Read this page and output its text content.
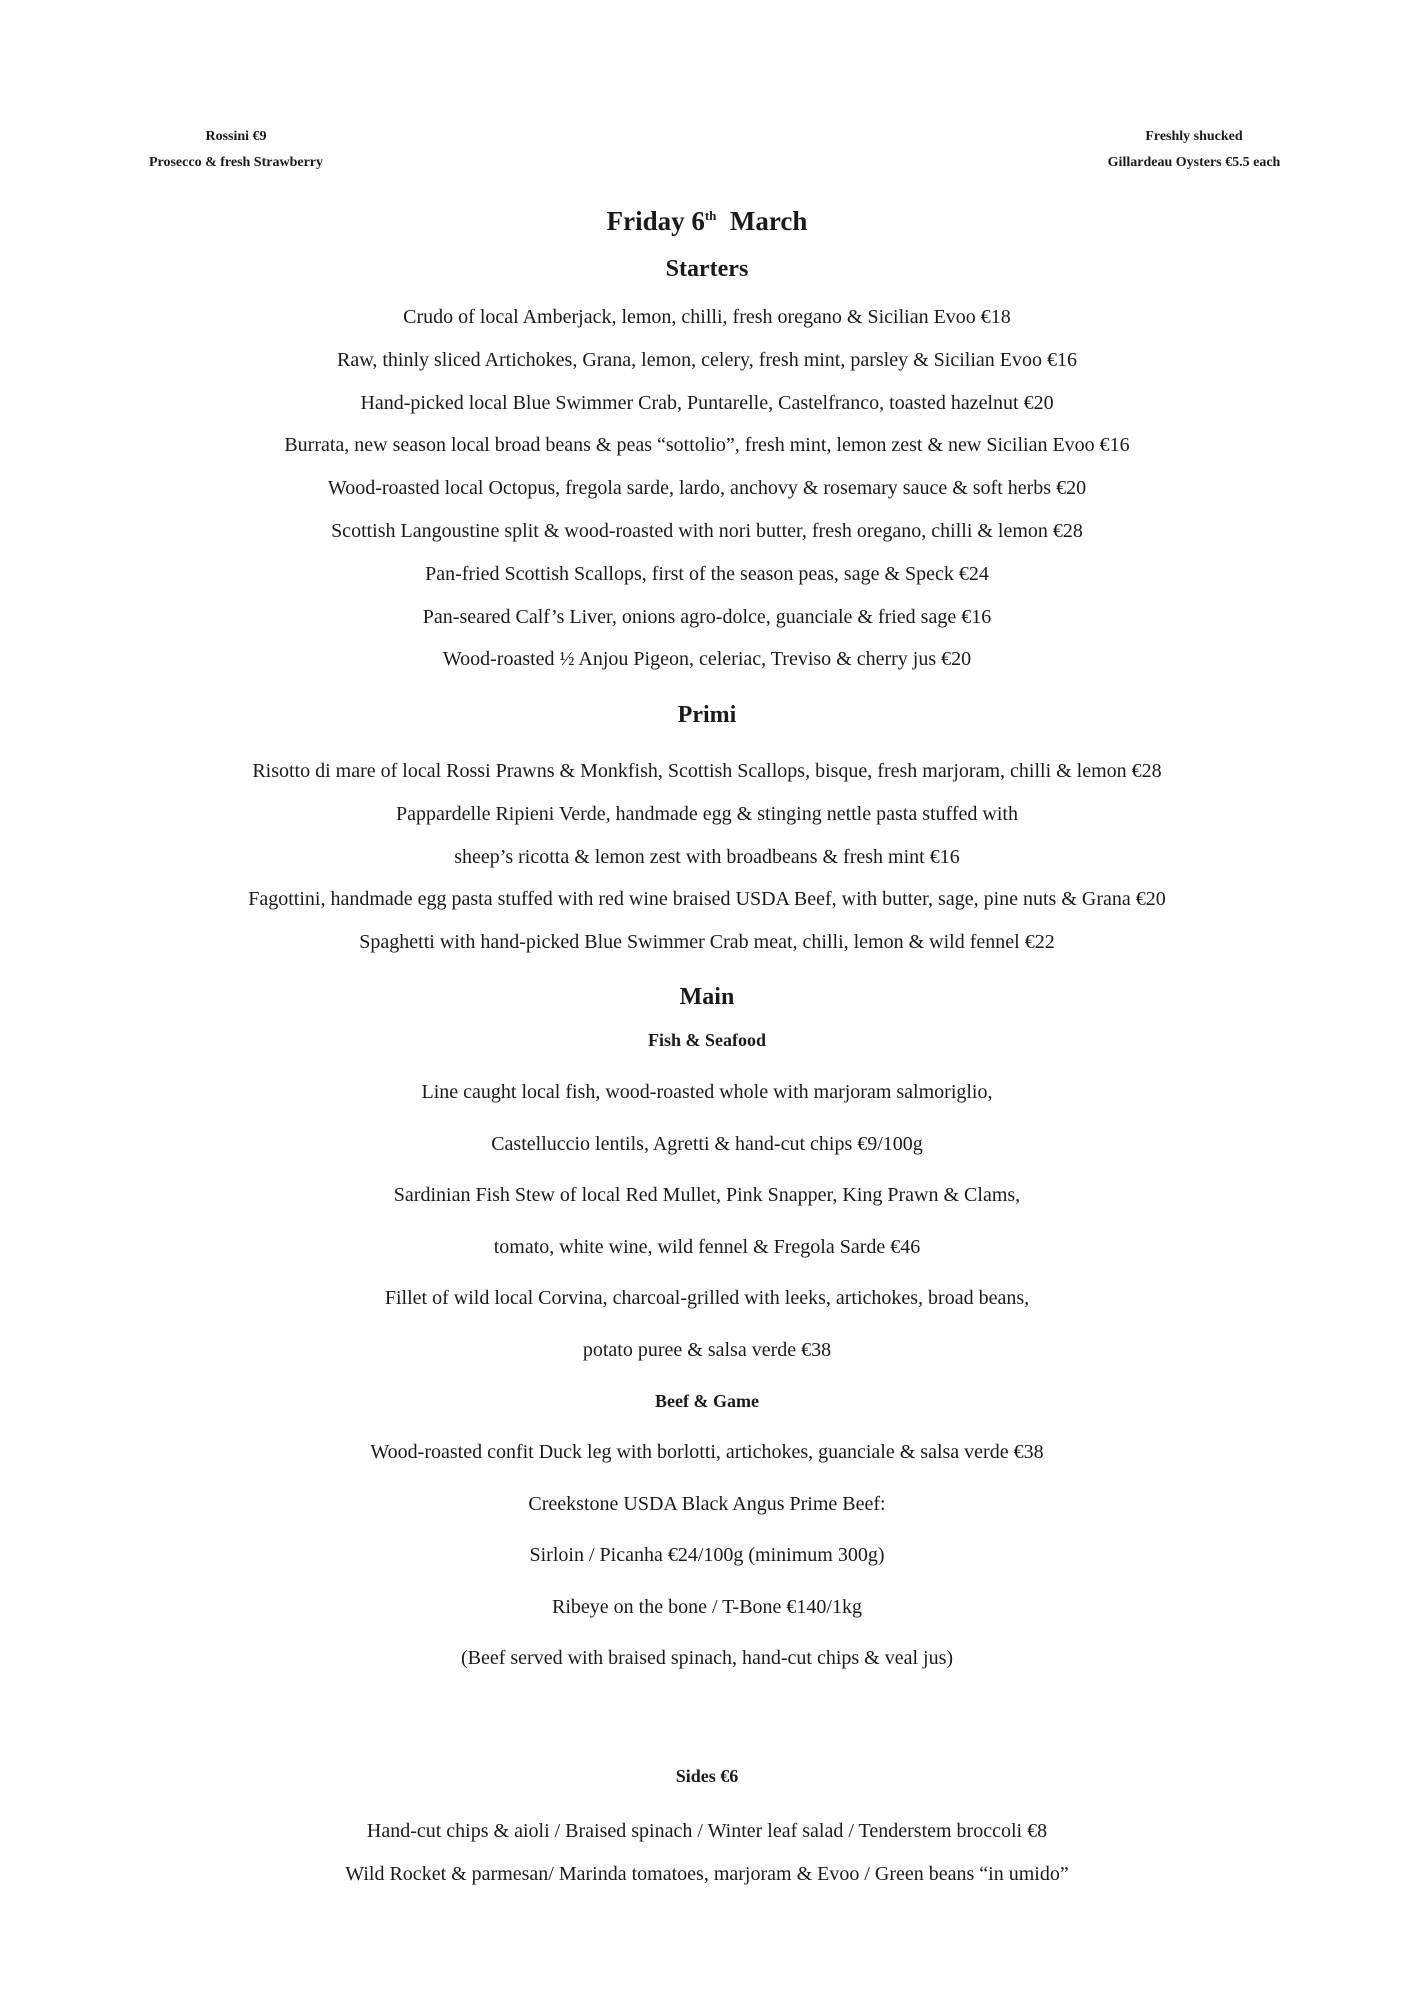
Rossini €9
Prosecco & fresh Strawberry
Freshly shucked
Gillardeau Oysters €5.5 each
Friday 6th March
Starters
Crudo of local Amberjack, lemon, chilli, fresh oregano & Sicilian Evoo €18
Raw, thinly sliced Artichokes, Grana, lemon, celery, fresh mint, parsley & Sicilian Evoo €16
Hand-picked local Blue Swimmer Crab, Puntarelle, Castelfranco, toasted hazelnut €20
Burrata, new season local broad beans & peas “sottolio”, fresh mint, lemon zest & new Sicilian Evoo €16
Wood-roasted local Octopus, fregola sarde, lardo, anchovy & rosemary sauce & soft herbs €20
Scottish Langoustine split & wood-roasted with nori butter, fresh oregano, chilli & lemon €28
Pan-fried Scottish Scallops, first of the season peas, sage & Speck €24
Pan-seared Calf’s Liver, onions agro-dolce, guanciale & fried sage €16
Wood-roasted ½ Anjou Pigeon, celeriac, Treviso & cherry jus €20
Primi
Risotto di mare of local Rossi Prawns & Monkfish, Scottish Scallops, bisque, fresh marjoram, chilli & lemon €28
Pappardelle Ripieni Verde, handmade egg & stinging nettle pasta stuffed with
sheep’s ricotta & lemon zest with broadbeans & fresh mint €16
Fagottini, handmade egg pasta stuffed with red wine braised USDA Beef, with butter, sage, pine nuts & Grana €20
Spaghetti with hand-picked Blue Swimmer Crab meat, chilli, lemon & wild fennel €22
Main
Fish & Seafood
Line caught local fish, wood-roasted whole with marjoram salmoriglio,
Castelluccio lentils, Agretti & hand-cut chips €9/100g
Sardinian Fish Stew of local Red Mullet, Pink Snapper, King Prawn & Clams,
tomato, white wine, wild fennel & Fregola Sarde €46
Fillet of wild local Corvina, charcoal-grilled with leeks, artichokes, broad beans,
potato puree & salsa verde €38
Beef & Game
Wood-roasted confit Duck leg with borlotti, artichokes, guanciale & salsa verde €38
Creekstone USDA Black Angus Prime Beef:
Sirloin / Picanha €24/100g (minimum 300g)
Ribeye on the bone / T-Bone €140/1kg
(Beef served with braised spinach, hand-cut chips & veal jus)
Sides €6
Hand-cut chips & aioli / Braised spinach / Winter leaf salad / Tenderstem broccoli €8
Wild Rocket & parmesan/ Marinda tomatoes, marjoram & Evoo / Green beans “in umido”
